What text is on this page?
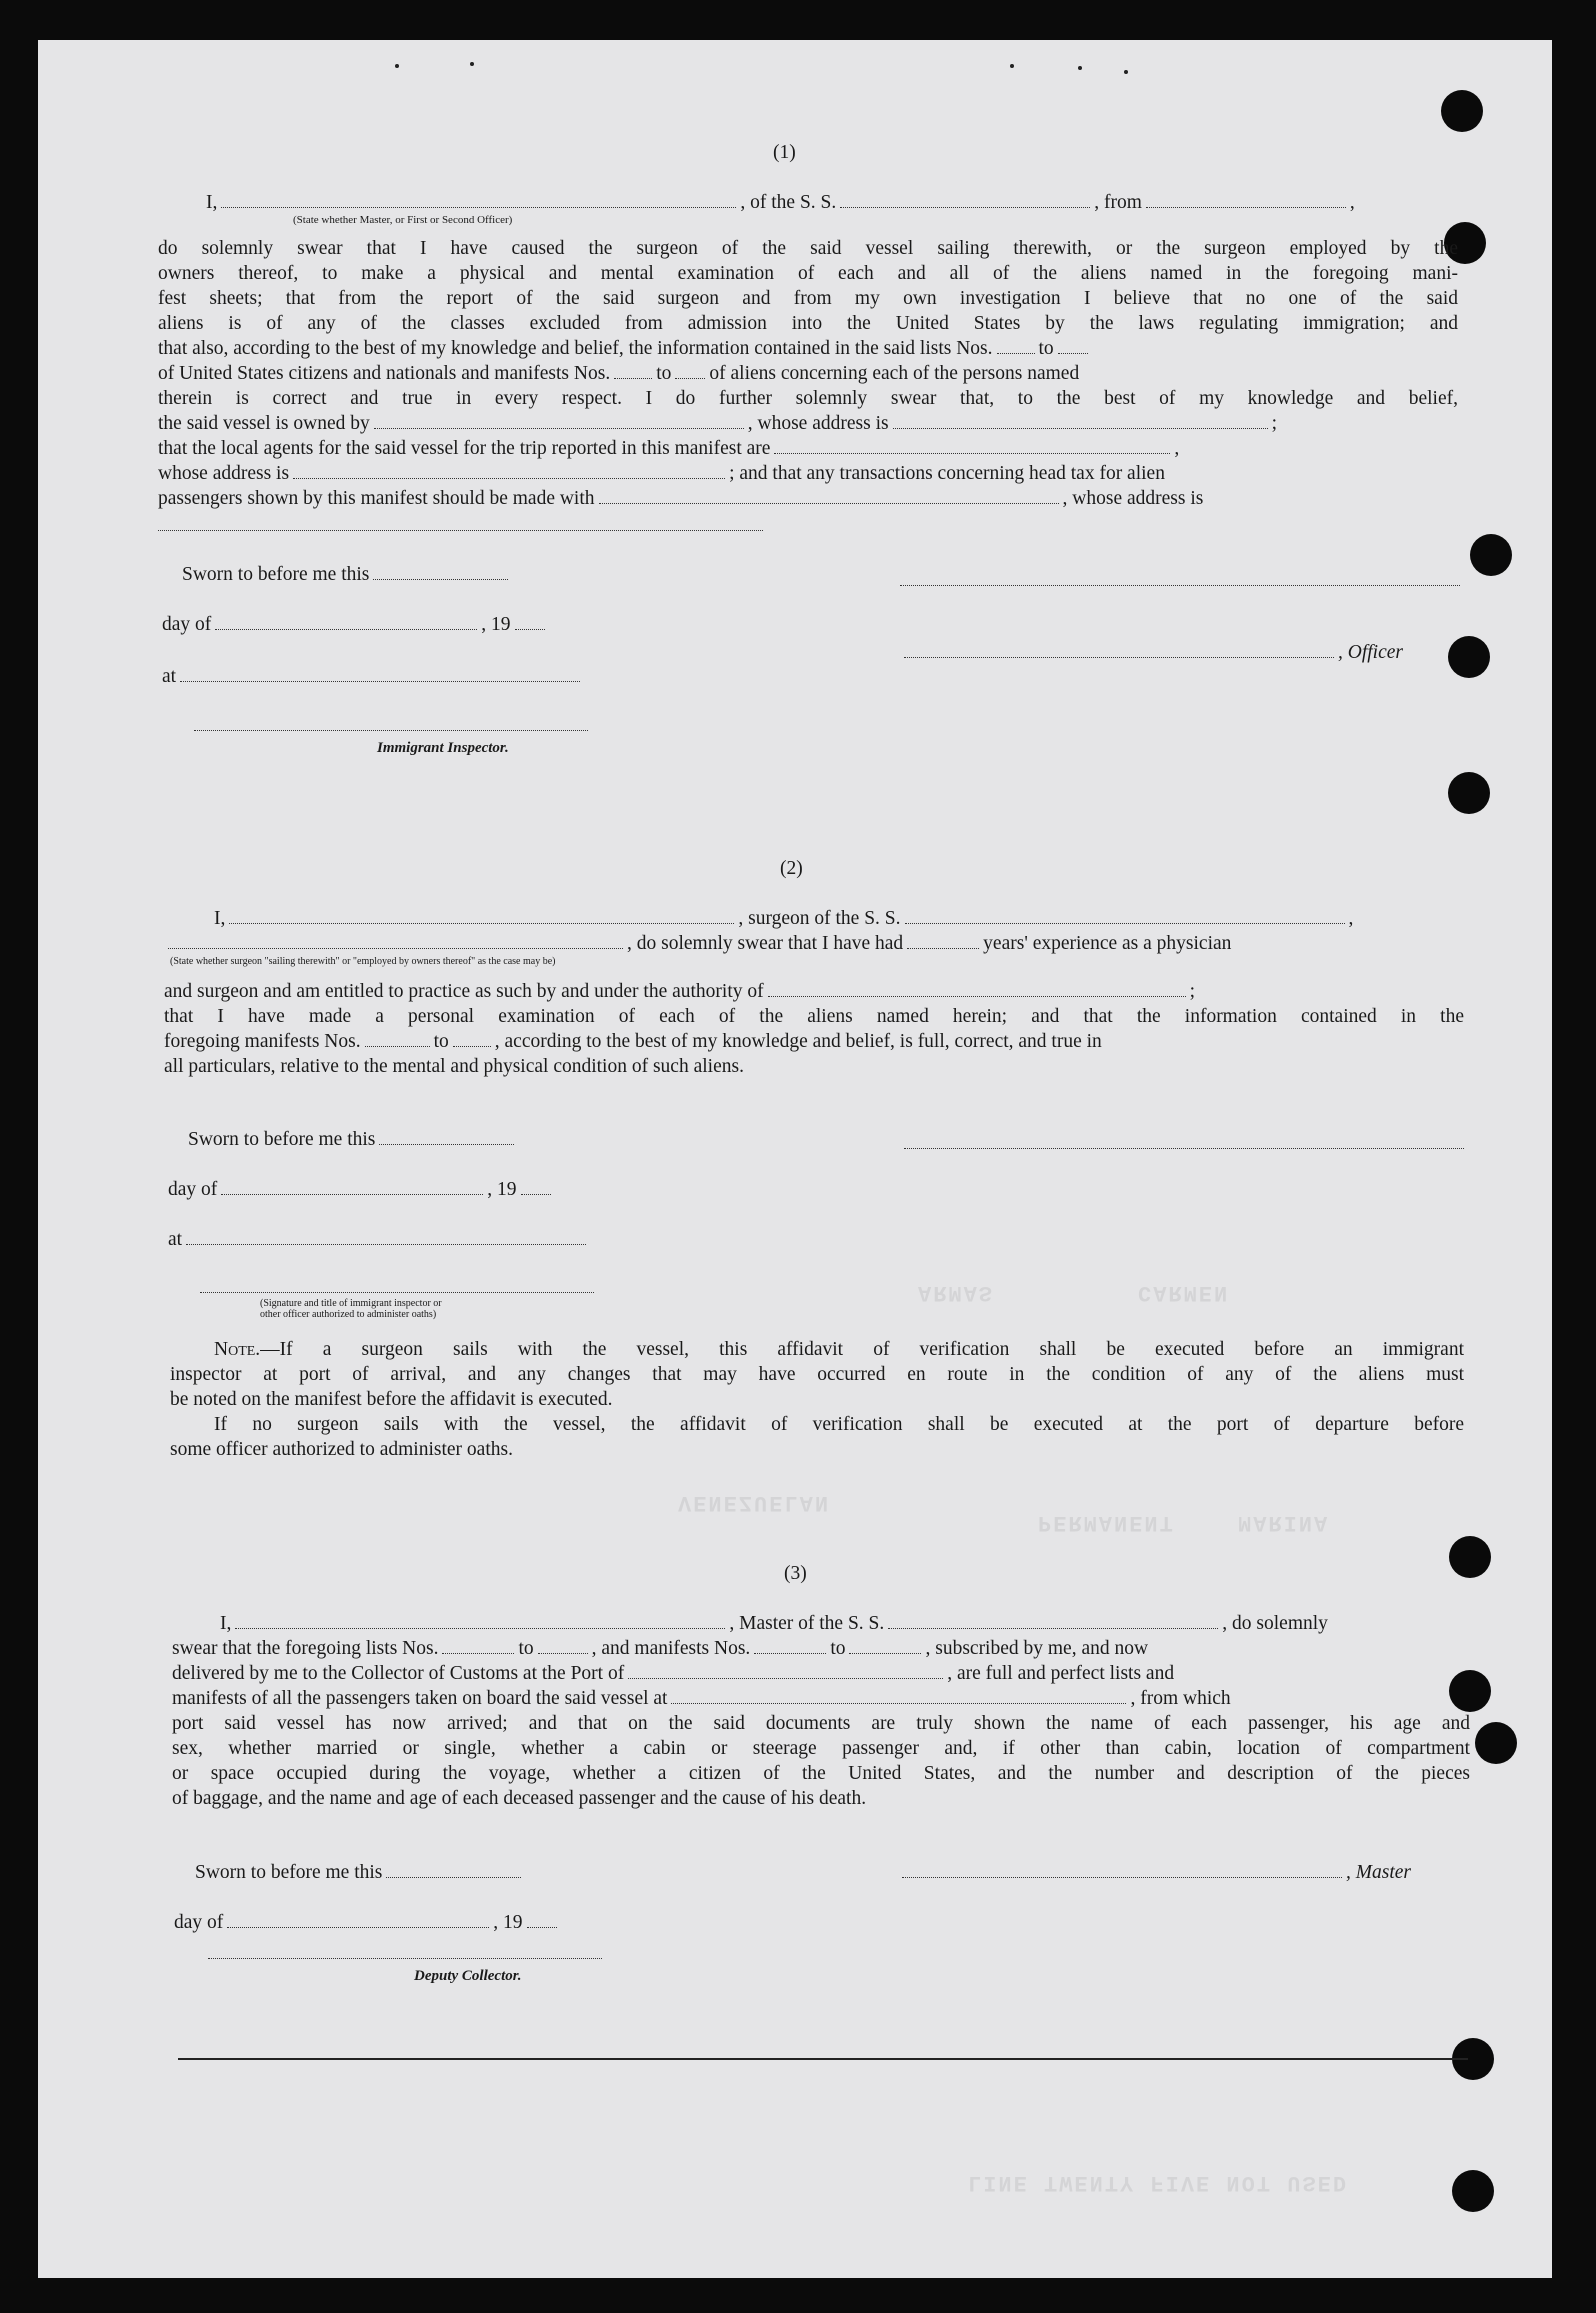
VENEZUELAN
PERMANENT	MARINA
ARMAS	CARMEN
LINE TWENTY FIVE NOT USED
(1)
I,	, of the S. S.	, from	,
(State whether Master, or First or Second Officer)
do solemnly swear that I have caused the surgeon of the said vessel sailing therewith, or the surgeon employed by the
owners thereof, to make a physical and mental examination of each and all of the aliens named in the foregoing mani-
fest sheets; that from the report of the said surgeon and from my own investigation I believe that no one of the said
aliens is of any of the classes excluded from admission into the United States by the laws regulating immigration; and
that also, according to the best of my knowledge and belief, the information contained in the said lists Nos. to
of United States citizens and nationals and manifests Nos. to of aliens concerning each of the persons named
therein is correct and true in every respect. I do further solemnly swear that, to the best of my knowledge and belief,
the said vessel is owned by	, whose address is	;
that the local agents for the said vessel for the trip reported in this manifest are	,
whose address is	; and that any transactions concerning head tax for alien
passengers shown by this manifest should be made with	, whose address is
Sworn to before me this
day of	, 19
, Officer
at
Immigrant Inspector.
(2)
I,	, surgeon of the S. S.	,
, do solemnly swear that I have had	years' experience as a physician
(State whether surgeon "sailing therewith" or "employed by owners thereof" as the case may be)
and surgeon and am entitled to practice as such by and under the authority of	;
that I have made a personal examination of each of the aliens named herein; and that the information contained in the
foregoing manifests Nos.	to , according to the best of my knowledge and belief, is full, correct, and true in
all particulars, relative to the mental and physical condition of such aliens.
Sworn to before me this
day of	, 19
at
(Signature and title of immigrant inspector or
other officer authorized to administer oaths)
Note.—If a surgeon sails with the vessel, this affidavit of verification shall be executed before an immigrant
inspector at port of arrival, and any changes that may have occurred en route in the condition of any of the aliens must
be noted on the manifest before the affidavit is executed.
If no surgeon sails with the vessel, the affidavit of verification shall be executed at the port of departure before
some officer authorized to administer oaths.
(3)
I,	, Master of the S. S.	, do solemnly
swear that the foregoing lists Nos.	to	, and manifests Nos.	to	, subscribed by me, and now
delivered by me to the Collector of Customs at the Port of	, are full and perfect lists and
manifests of all the passengers taken on board the said vessel at	, from which
port said vessel has now arrived; and that on the said documents are truly shown the name of each passenger, his age and
sex, whether married or single, whether a cabin or steerage passenger and, if other than cabin, location of compartment
or space occupied during the voyage, whether a citizen of the United States, and the number and description of the pieces
of baggage, and the name and age of each deceased passenger and the cause of his death.
Sworn to before me this	, Master
day of	, 19
Deputy Collector.
